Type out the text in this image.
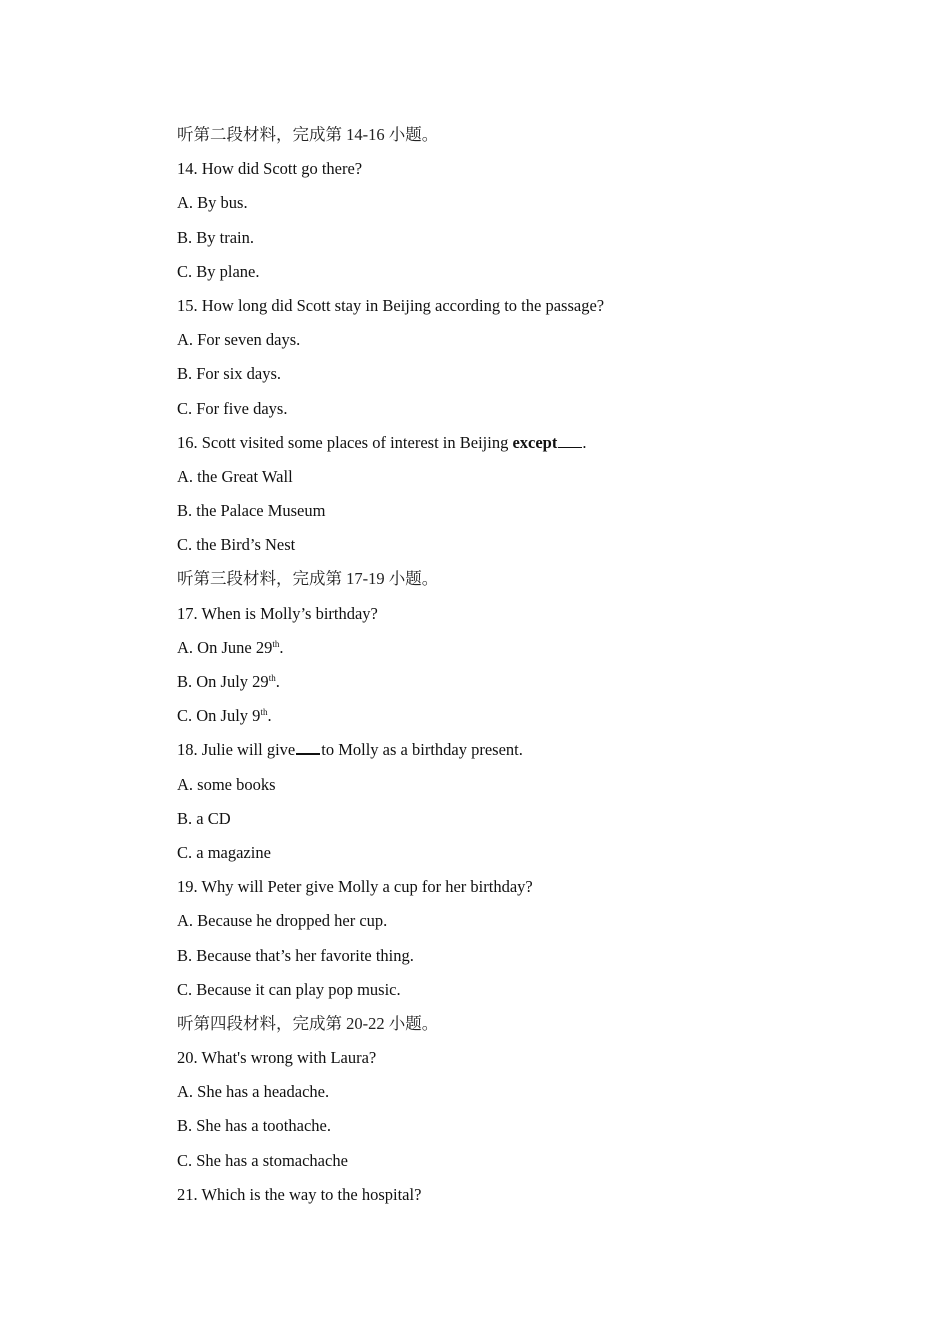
听第二段材料，完成第 14-16 小题。
14. How did Scott go there?
A. By bus.
B. By train.
C. By plane.
15. How long did Scott stay in Beijing according to the passage?
A. For seven days.
B. For six days.
C. For five days.
16. Scott visited some places of interest in Beijing except .
A. the Great Wall
B. the Palace Museum
C. the Bird’s Nest
听第三段材料，完成第 17-19 小题。
17. When is Molly’s birthday?
A. On June 29th.
B. On July 29th.
C. On July 9th.
18. Julie will give to Molly as a birthday present.
A. some books
B. a CD
C. a magazine
19. Why will Peter give Molly a cup for her birthday?
A. Because he dropped her cup.
B. Because that’s her favorite thing.
C. Because it can play pop music.
听第四段材料，完成第 20-22 小题。
20. What's wrong with Laura?
A. She has a headache.
B. She has a toothache.
C. She has a stomachache
21. Which is the way to the hospital?
